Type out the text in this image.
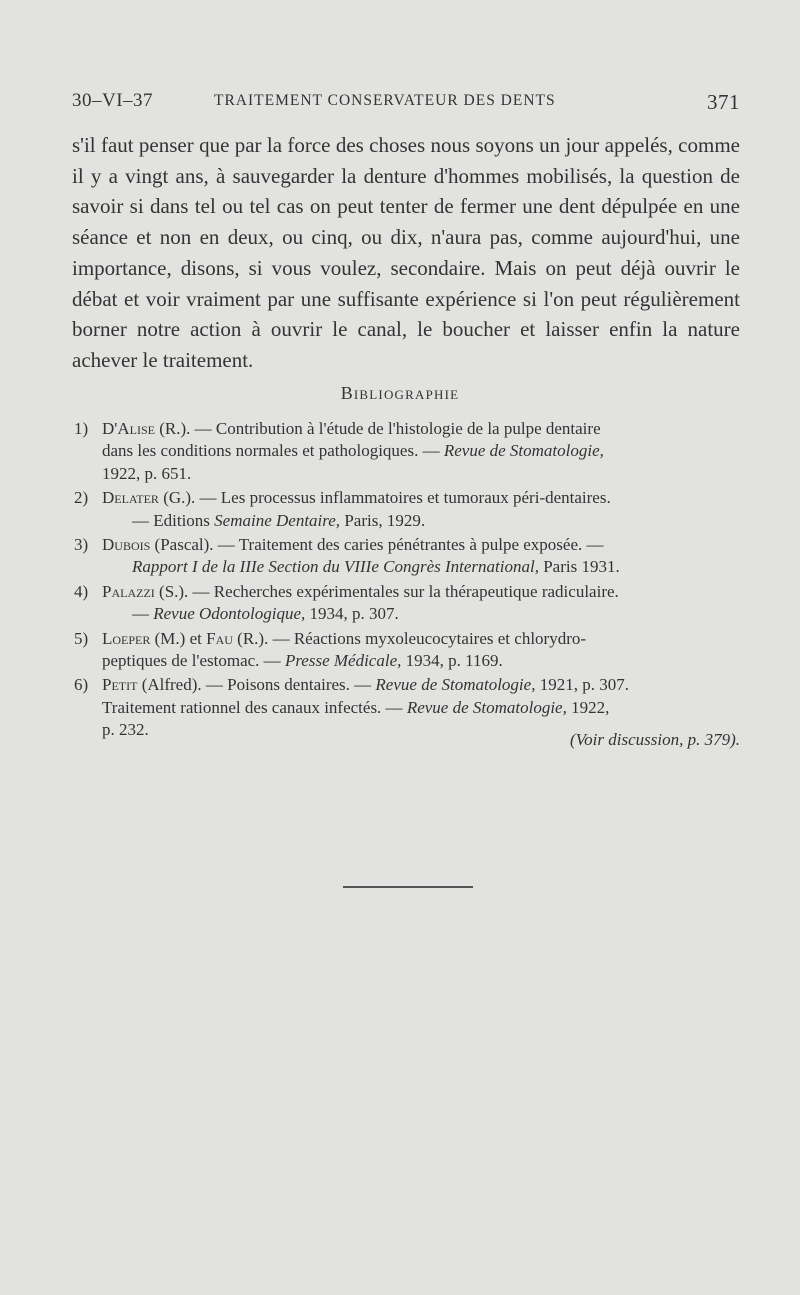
30–VI–37	TRAITEMENT CONSERVATEUR DES DENTS	371

s'il faut penser que par la force des choses nous soyons un jour appelés, comme il y a vingt ans, à sauvegarder la denture d'hommes mobilisés, la question de savoir si dans tel ou tel cas on peut tenter de fermer une dent dépulpée en une séance et non en deux, ou cinq, ou dix, n'aura pas, comme aujourd'hui, une importance, disons, si vous voulez, secondaire. Mais on peut déjà ouvrir le débat et voir vraiment par une suffisante expérience si l'on peut régulièrement borner notre action à ouvrir le canal, le boucher et laisser enfin la nature achever le traitement.

Bibliographie
1) D'Alise (R.). — Contribution à l'étude de l'histologie de la pulpe dentaire
dans les conditions normales et pathologiques. — Revue de Stomatologie,
1922, p. 651.
2) Delater (G.). — Les processus inflammatoires et tumoraux péri-dentaires.
— Editions Semaine Dentaire, Paris, 1929.
3) Dubois (Pascal). — Traitement des caries pénétrantes à pulpe exposée. —
Rapport I de la IIIe Section du VIIIe Congrès International, Paris 1931.
4) Palazzi (S.). — Recherches expérimentales sur la thérapeutique radiculaire.
— Revue Odontologique, 1934, p. 307.
5) Loeper (M.) et Fau (R.). — Réactions myxoleucocytaires et chlorydro-
peptiques de l'estomac. — Presse Médicale, 1934, p. 1169.
6) Petit (Alfred). — Poisons dentaires. — Revue de Stomatologie, 1921, p. 307.
Traitement rationnel des canaux infectés. — Revue de Stomatologie, 1922,
p. 232.
(Voir discussion, p. 379).
